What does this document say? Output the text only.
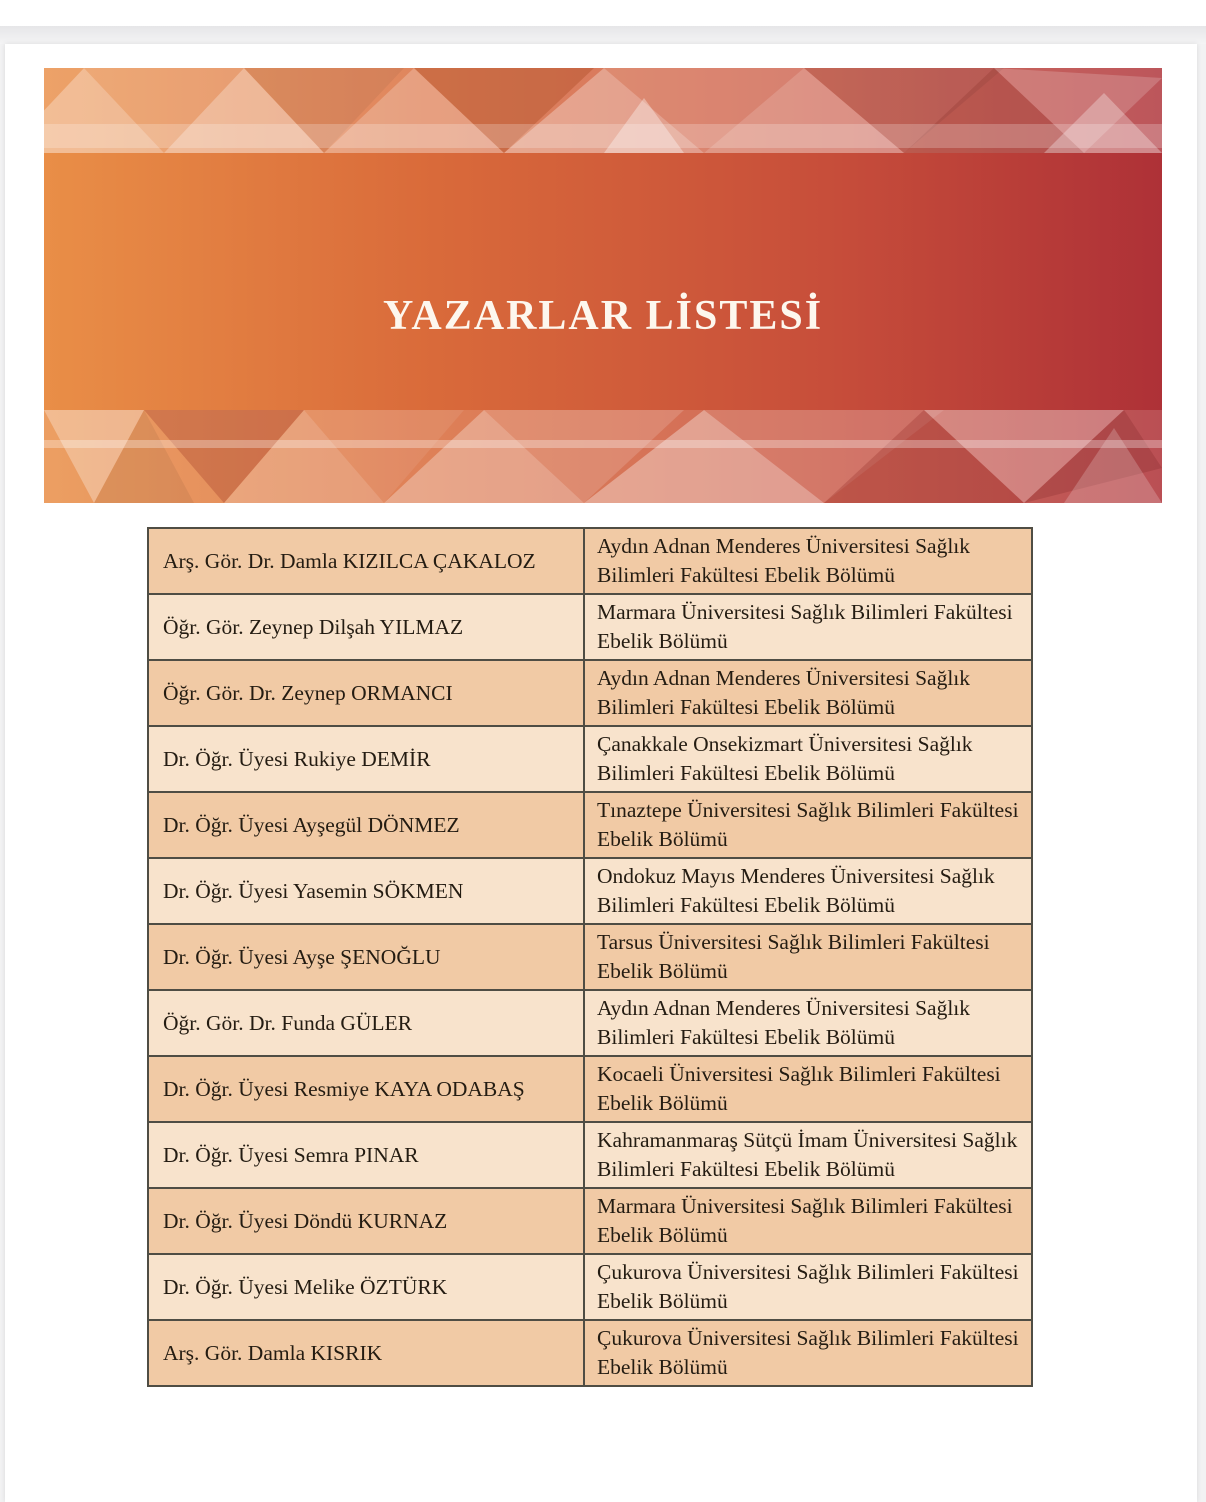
YAZARLAR LİSTESİ
Arş. Gör. Dr. Damla KIZILCA ÇAKALOZ	Aydın Adnan Menderes Üniversitesi Sağlık Bilimleri Fakültesi Ebelik Bölümü
Öğr. Gör. Zeynep Dilşah YILMAZ	Marmara Üniversitesi Sağlık Bilimleri Fakültesi Ebelik Bölümü
Öğr. Gör. Dr. Zeynep ORMANCI	Aydın Adnan Menderes Üniversitesi Sağlık Bilimleri Fakültesi Ebelik Bölümü
Dr. Öğr. Üyesi Rukiye DEMİR	Çanakkale Onsekizmart Üniversitesi Sağlık Bilimleri Fakültesi Ebelik Bölümü
Dr. Öğr. Üyesi Ayşegül DÖNMEZ	Tınaztepe Üniversitesi Sağlık Bilimleri Fakültesi Ebelik Bölümü
Dr. Öğr. Üyesi Yasemin SÖKMEN	Ondokuz Mayıs Menderes Üniversitesi Sağlık Bilimleri Fakültesi Ebelik Bölümü
Dr. Öğr. Üyesi Ayşe ŞENOĞLU	Tarsus Üniversitesi Sağlık Bilimleri Fakültesi Ebelik Bölümü
Öğr. Gör. Dr. Funda GÜLER	Aydın Adnan Menderes Üniversitesi Sağlık Bilimleri Fakültesi Ebelik Bölümü
Dr. Öğr. Üyesi Resmiye KAYA ODABAŞ	Kocaeli Üniversitesi Sağlık Bilimleri Fakültesi Ebelik Bölümü
Dr. Öğr. Üyesi Semra PINAR	Kahramanmaraş Sütçü İmam Üniversitesi Sağlık Bilimleri Fakültesi Ebelik Bölümü
Dr. Öğr. Üyesi Döndü KURNAZ	Marmara Üniversitesi Sağlık Bilimleri Fakültesi Ebelik Bölümü
Dr. Öğr. Üyesi Melike ÖZTÜRK	Çukurova Üniversitesi Sağlık Bilimleri Fakültesi Ebelik Bölümü
Arş. Gör. Damla KISRIK	Çukurova Üniversitesi Sağlık Bilimleri Fakültesi Ebelik Bölümü
